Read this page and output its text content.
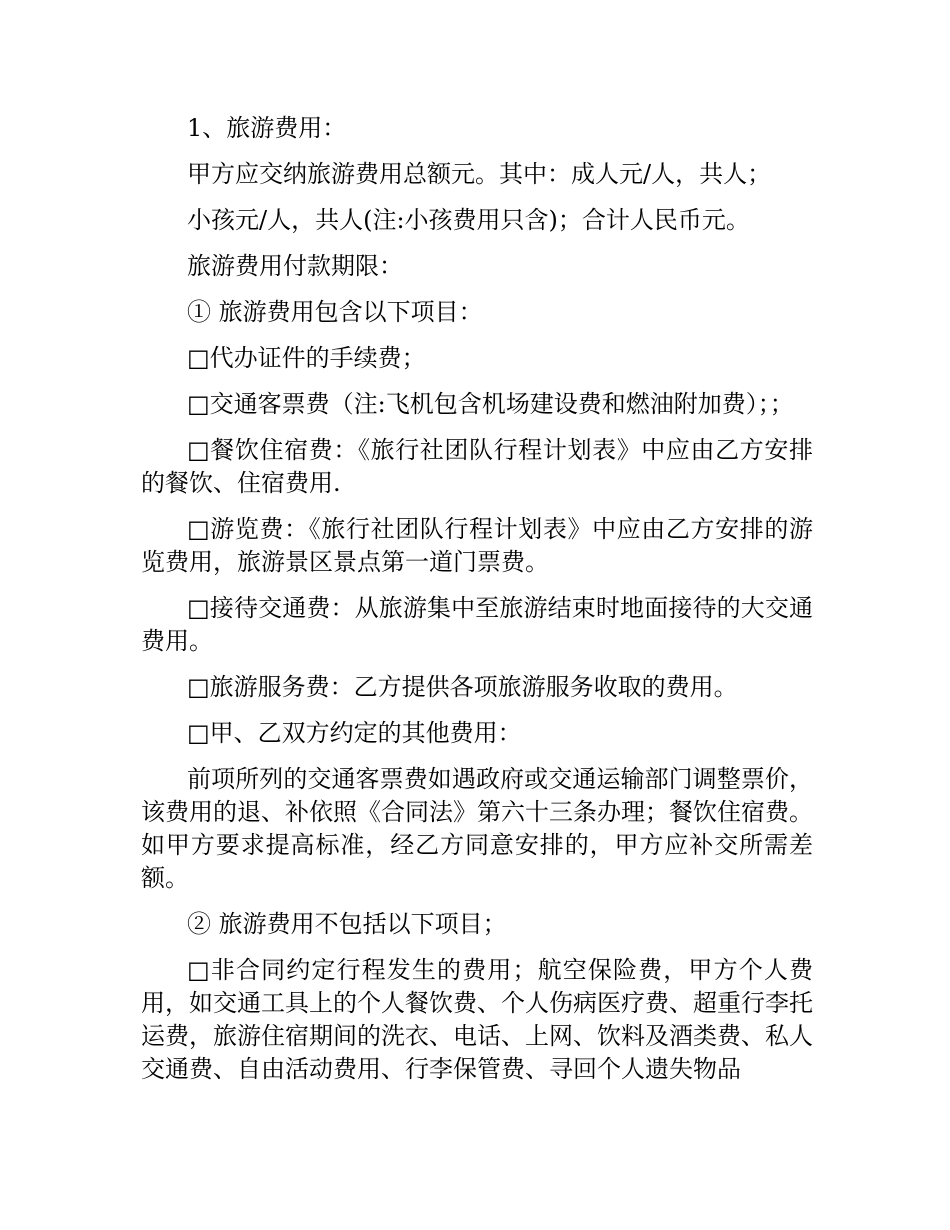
1、旅游费用：

甲方应交纳旅游费用总额元。其中：成人元/人，共人；

小孩元/人，共人(注:小孩费用只含)；合计人民币元。

旅游费用付款期限：

① 旅游费用包含以下项目：

□代办证件的手续费；

□交通客票费（注:飞机包含机场建设费和燃油附加费）；；

□餐饮住宿费：《旅行社团队行程计划表》中应由乙方安排的餐饮、住宿费用.

□游览费：《旅行社团队行程计划表》中应由乙方安排的游览费用，旅游景区景点第一道门票费。

□接待交通费：从旅游集中至旅游结束时地面接待的大交通费用。

□旅游服务费：乙方提供各项旅游服务收取的费用。

□甲、乙双方约定的其他费用：

前项所列的交通客票费如遇政府或交通运输部门调整票价，该费用的退、补依照《合同法》第六十三条办理；餐饮住宿费。如甲方要求提高标准，经乙方同意安排的，甲方应补交所需差额。

② 旅游费用不包括以下项目；

□非合同约定行程发生的费用；航空保险费，甲方个人费用，如交通工具上的个人餐饮费、个人伤病医疗费、超重行李托运费，旅游住宿期间的洗衣、电话、上网、饮料及酒类费、私人交通费、自由活动费用、行李保管费、寻回个人遗失物品
